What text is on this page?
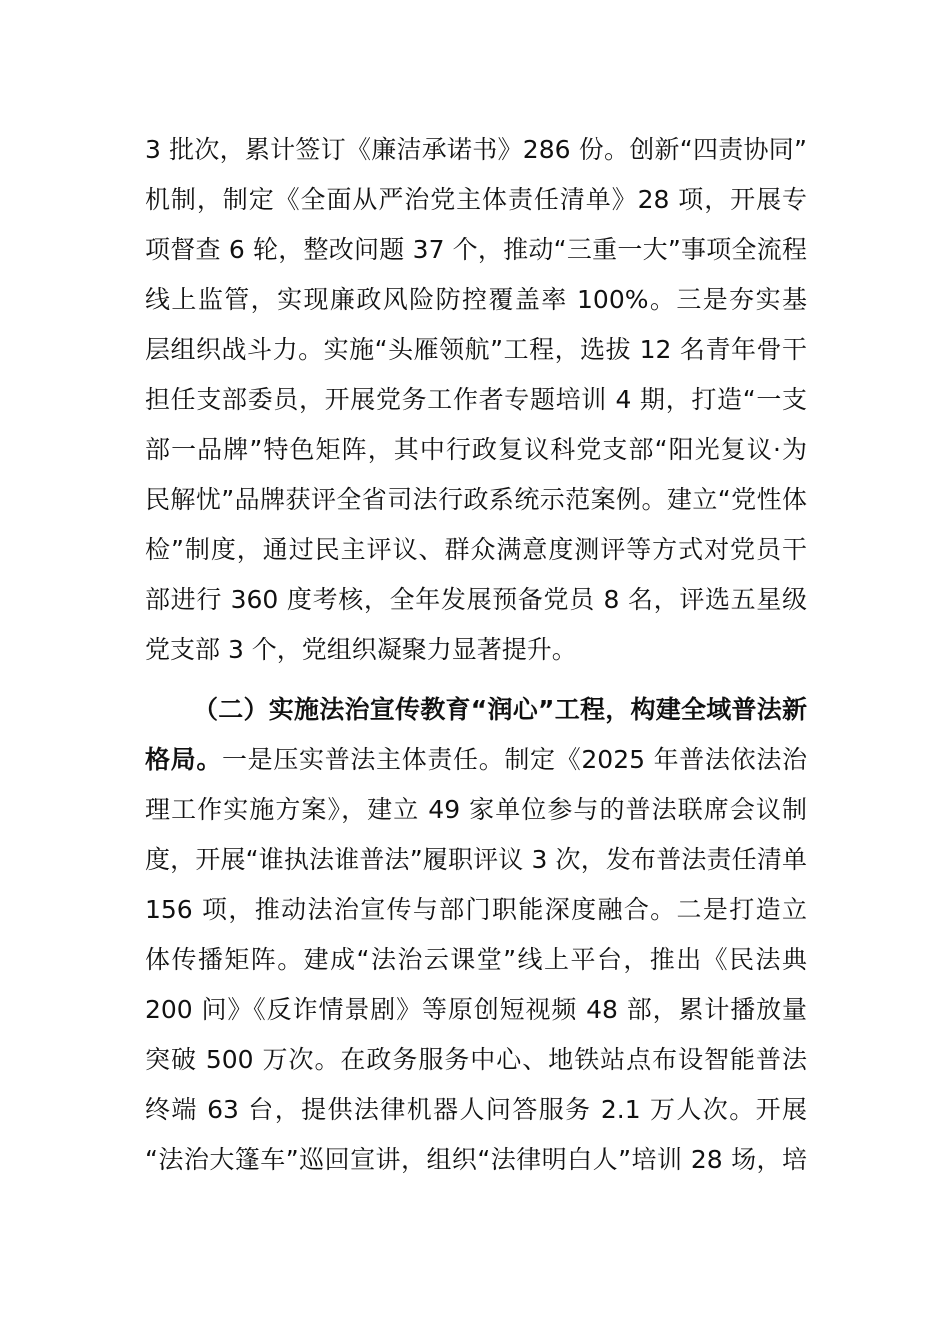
3 批次，累计签订《廉洁承诺书》286 份。创新“四责协同”
机制，制定《全面从严治党主体责任清单》28 项，开展专
项督查 6 轮，整改问题 37 个，推动“三重一大”事项全流程
线上监管，实现廉政风险防控覆盖率 100%。三是夯实基
层组织战斗力。实施“头雁领航”工程，选拔 12 名青年骨干
担任支部委员，开展党务工作者专题培训 4 期，打造“一支
部一品牌”特色矩阵，其中行政复议科党支部“阳光复议·为
民解忧”品牌获评全省司法行政系统示范案例。建立“党性体
检”制度，通过民主评议、群众满意度测评等方式对党员干
部进行 360 度考核，全年发展预备党员 8 名，评选五星级
党支部 3 个，党组织凝聚力显著提升。
（二）实施法治宣传教育“润心”工程，构建全域普法新
格局。一是压实普法主体责任。制定《2025 年普法依法治
理工作实施方案》，建立 49 家单位参与的普法联席会议制
度，开展“谁执法谁普法”履职评议 3 次，发布普法责任清单
156 项，推动法治宣传与部门职能深度融合。二是打造立
体传播矩阵。建成“法治云课堂”线上平台，推出《民法典
200 问》《反诈情景剧》等原创短视频 48 部，累计播放量
突破 500 万次。在政务服务中心、地铁站点布设智能普法
终端 63 台，提供法律机器人问答服务 2.1 万人次。开展
“法治大篷车”巡回宣讲，组织“法律明白人”培训 28 场，培
